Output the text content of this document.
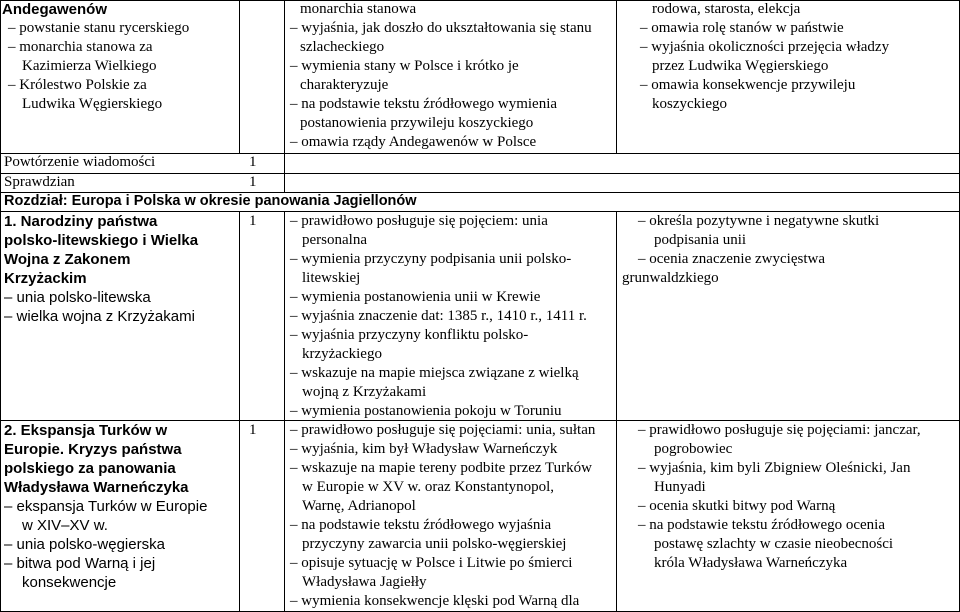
Andegawenów
– powstanie stanu rycerskiego
– monarchia stanowa za
Kazimierza Wielkiego
– Królestwo Polskie za
Ludwika Węgierskiego
monarchia stanowa
– wyjaśnia, jak doszło do ukształtowania się stanu
szlacheckiego
– wymienia stany w Polsce i krótko je
charakteryzuje
– na podstawie tekstu źródłowego wymienia
postanowienia przywileju koszyckiego
– omawia rządy Andegawenów w Polsce
rodowa, starosta, elekcja
– omawia rolę stanów w państwie
– wyjaśnia okoliczności przejęcia władzy
przez Ludwika Węgierskiego
– omawia konsekwencje przywileju
koszyckiego
Powtórzenie wiadomości	1
Sprawdzian	1
Rozdział: Europa i Polska w okresie panowania Jagiellonów
1. Narodziny państwa
polsko-litewskiego i Wielka
Wojna z Zakonem
Krzyżackim
– unia polsko-litewska
– wielka wojna z Krzyżakami
1 – prawidłowo posługuje się pojęciem: unia
personalna
– wymienia przyczyny podpisania unii polsko-
litewskiej
– wymienia postanowienia unii w Krewie
– wyjaśnia znaczenie dat: 1385 r., 1410 r., 1411 r.
– wyjaśnia przyczyny konfliktu polsko-
krzyżackiego
– wskazuje na mapie miejsca związane z wielką
wojną z Krzyżakami
– wymienia postanowienia pokoju w Toruniu
– określa pozytywne i negatywne skutki
podpisania unii
– ocenia znaczenie zwycięstwa
grunwaldzkiego
2. Ekspansja Turków w
Europie. Kryzys państwa
polskiego za panowania
Władysława Warneńczyka
– ekspansja Turków w Europie
w XIV–XV w.
– unia polsko-węgierska
– bitwa pod Warną i jej
konsekwencje
1 – prawidłowo posługuje się pojęciami: unia, sułtan
– wyjaśnia, kim był Władysław Warneńczyk
– wskazuje na mapie tereny podbite przez Turków
w Europie w XV w. oraz Konstantynopol,
Warnę, Adrianopol
– na podstawie tekstu źródłowego wyjaśnia
przyczyny zawarcia unii polsko-węgierskiej
– opisuje sytuację w Polsce i Litwie po śmierci
Władysława Jagiełły
– wymienia konsekwencje klęski pod Warną dla
– prawidłowo posługuje się pojęciami: janczar,
pogrobowiec
– wyjaśnia, kim byli Zbigniew Oleśnicki, Jan
Hunyadi
– ocenia skutki bitwy pod Warną
– na podstawie tekstu źródłowego ocenia
postawę szlachty w czasie nieobecności
króla Władysława Warneńczyka
